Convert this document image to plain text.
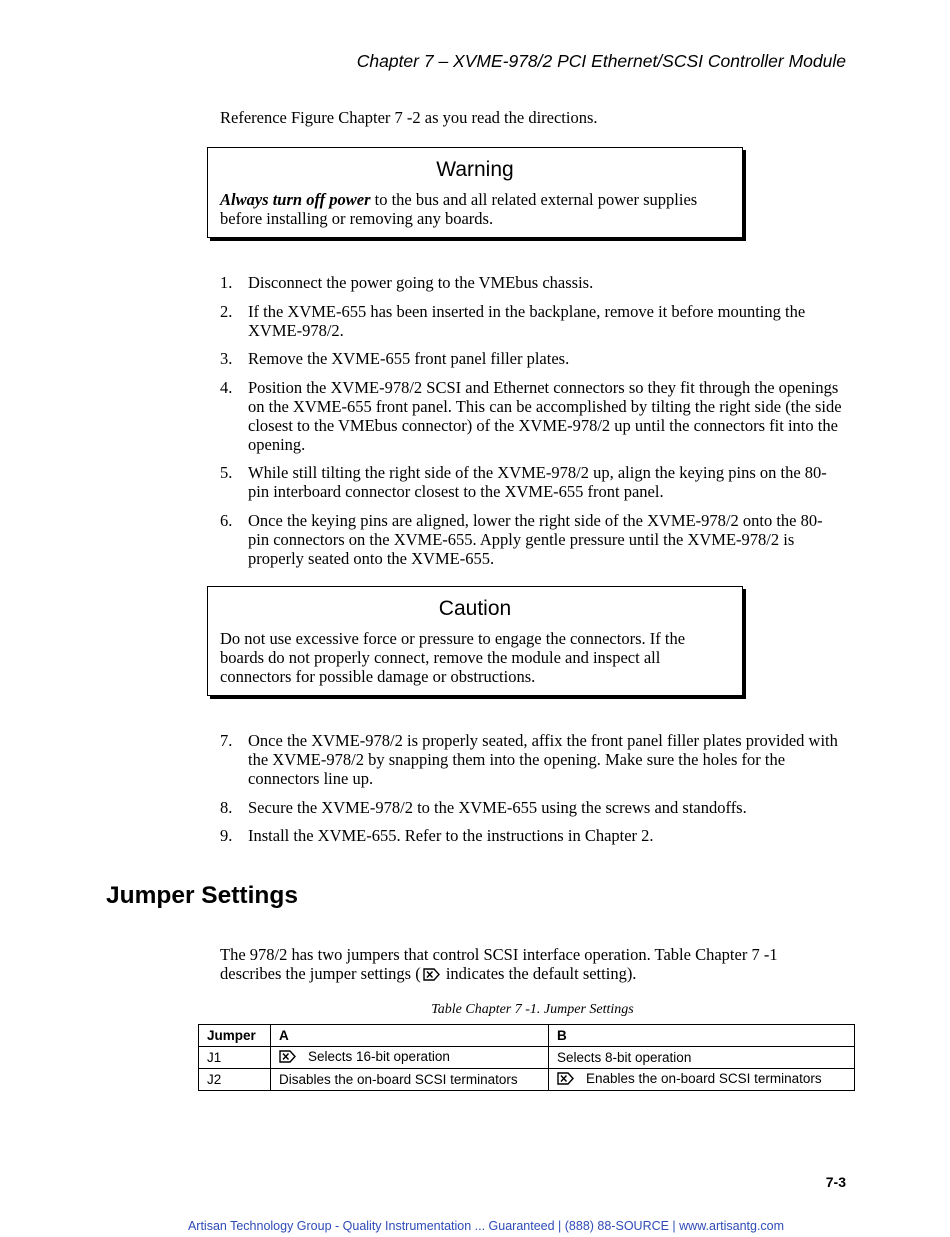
Chapter 7 – XVME-978/2 PCI Ethernet/SCSI Controller Module
Reference Figure Chapter 7 -2 as you read the directions.
Warning
Always turn off power to the bus and all related external power supplies before installing or removing any boards.
1. Disconnect the power going to the VMEbus chassis.
2. If the XVME-655 has been inserted in the backplane, remove it before mounting the XVME-978/2.
3. Remove the XVME-655 front panel filler plates.
4. Position the XVME-978/2 SCSI and Ethernet connectors so they fit through the openings on the XVME-655 front panel. This can be accomplished by tilting the right side (the side closest to the VMEbus connector) of the XVME-978/2 up until the connectors fit into the opening.
5. While still tilting the right side of the XVME-978/2 up, align the keying pins on the 80-pin interboard connector closest to the XVME-655 front panel.
6. Once the keying pins are aligned, lower the right side of the XVME-978/2 onto the 80-pin connectors on the XVME-655. Apply gentle pressure until the XVME-978/2 is properly seated onto the XVME-655.
Caution
Do not use excessive force or pressure to engage the connectors. If the boards do not properly connect, remove the module and inspect all connectors for possible damage or obstructions.
7. Once the XVME-978/2 is properly seated, affix the front panel filler plates provided with the XVME-978/2 by snapping them into the opening. Make sure the holes for the connectors line up.
8. Secure the XVME-978/2 to the XVME-655 using the screws and standoffs.
9. Install the XVME-655. Refer to the instructions in Chapter 2.
Jumper Settings
The 978/2 has two jumpers that control SCSI interface operation. Table Chapter 7 -1 describes the jumper settings ( indicates the default setting).
Table Chapter 7 -1. Jumper Settings
Jumper	A	B
J1	Selects 16-bit operation	Selects 8-bit operation
J2	Disables the on-board SCSI terminators	Enables the on-board SCSI terminators
7-3
Artisan Technology Group - Quality Instrumentation ... Guaranteed | (888) 88-SOURCE | www.artisantg.com
